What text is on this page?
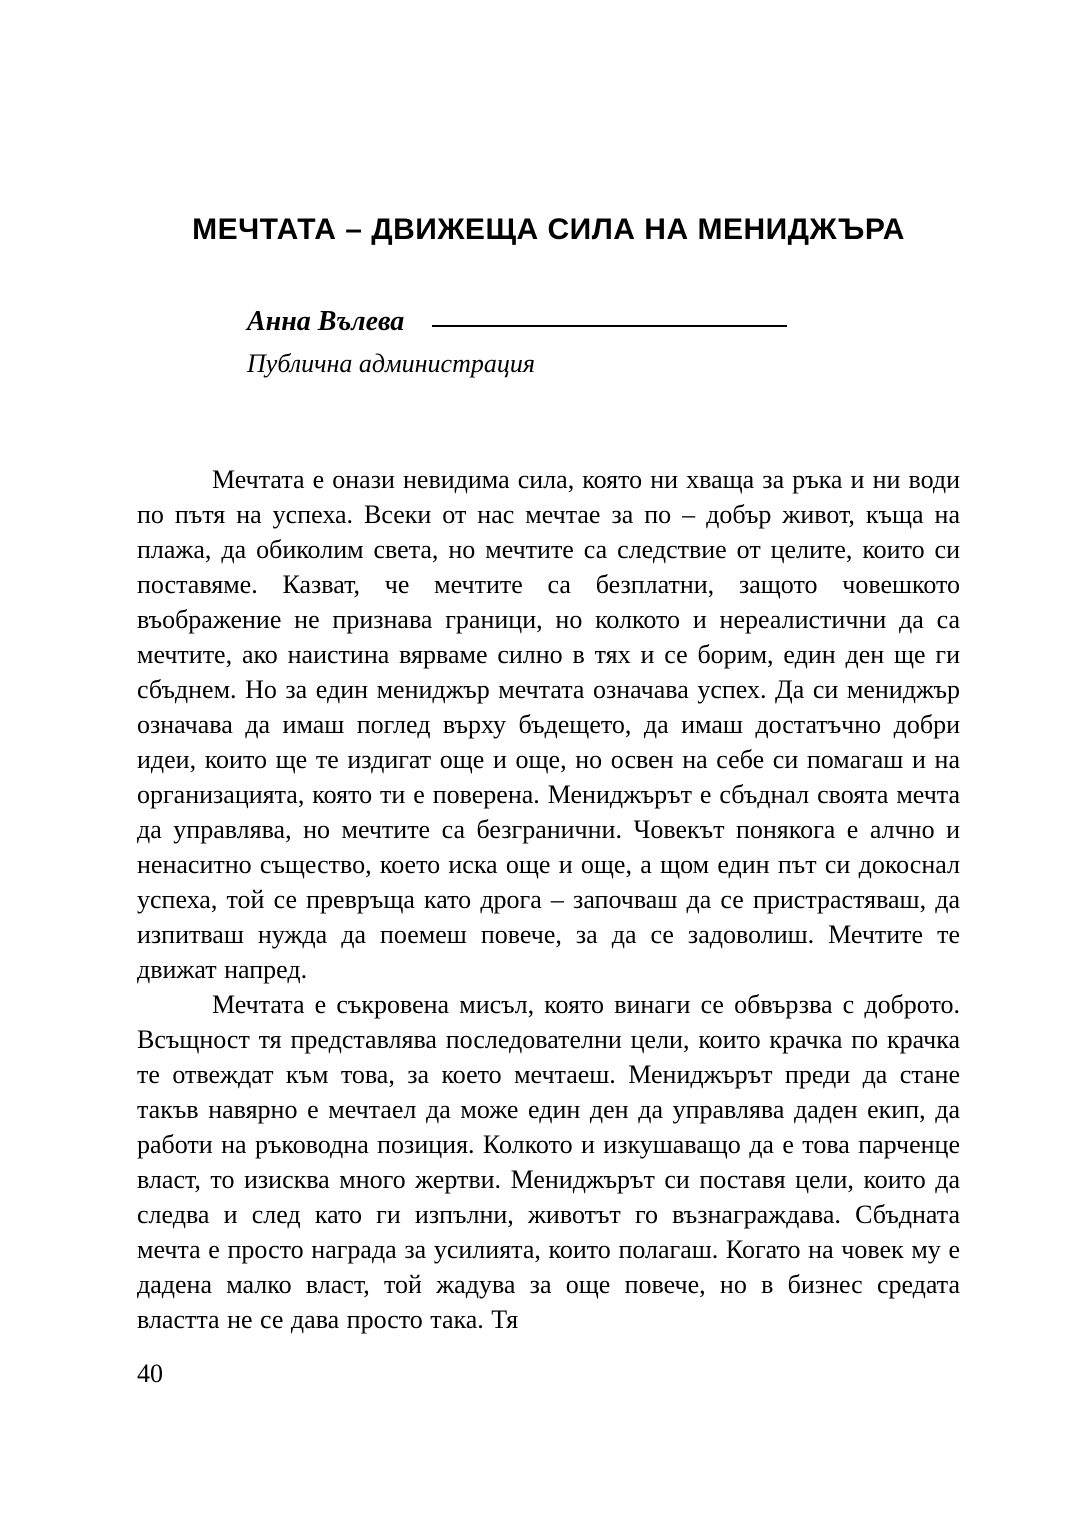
МЕЧТАТА – ДВИЖЕЩА СИЛА НА МЕНИДЖЪРА
Анна Вълева
Публична администрация

Мечтата е онази невидима сила, която ни хваща за ръка и ни води по пътя на успеха. Всеки от нас мечтае за по – добър живот, къща на плажа, да обиколим света, но мечтите са следствие от целите, които си поставяме. Казват, че мечтите са безплатни, защото човешкото въображение не признава граници, но колкото и нереалистични да са мечтите, ако наистина вярваме силно в тях и се борим, един ден ще ги сбъднем. Но за един мениджър мечтата означава успех. Да си мениджър означава да имаш поглед върху бъдещето, да имаш достатъчно добри идеи, които ще те издигат още и още, но освен на себе си помагаш и на организацията, която ти е поверена. Мениджърът е сбъднал своята мечта да управлява, но мечтите са безгранични. Човекът понякога е алчно и ненаситно същество, което иска още и още, а щом един път си докоснал успеха, той се превръща като дрога – започваш да се пристрастяваш, да изпитваш нужда да поемеш повече, за да се задоволиш. Мечтите те движат напред.

Мечтата е съкровена мисъл, която винаги се обвързва с доброто. Всъщност тя представлява последователни цели, които крачка по крачка те отвеждат към това, за което мечтаеш. Мениджърът преди да стане такъв навярно е мечтаел да може един ден да управлява даден екип, да работи на ръководна позиция. Колкото и изкушаващо да е това парченце власт, то изисква много жертви. Мениджърът си поставя цели, които да следва и след като ги изпълни, животът го възнаграждава. Сбъдната мечта е просто награда за усилията, които полагаш. Когато на човек му е дадена малко власт, той жадува за още повече, но в бизнес средата властта не се дава просто така. Тя

40
